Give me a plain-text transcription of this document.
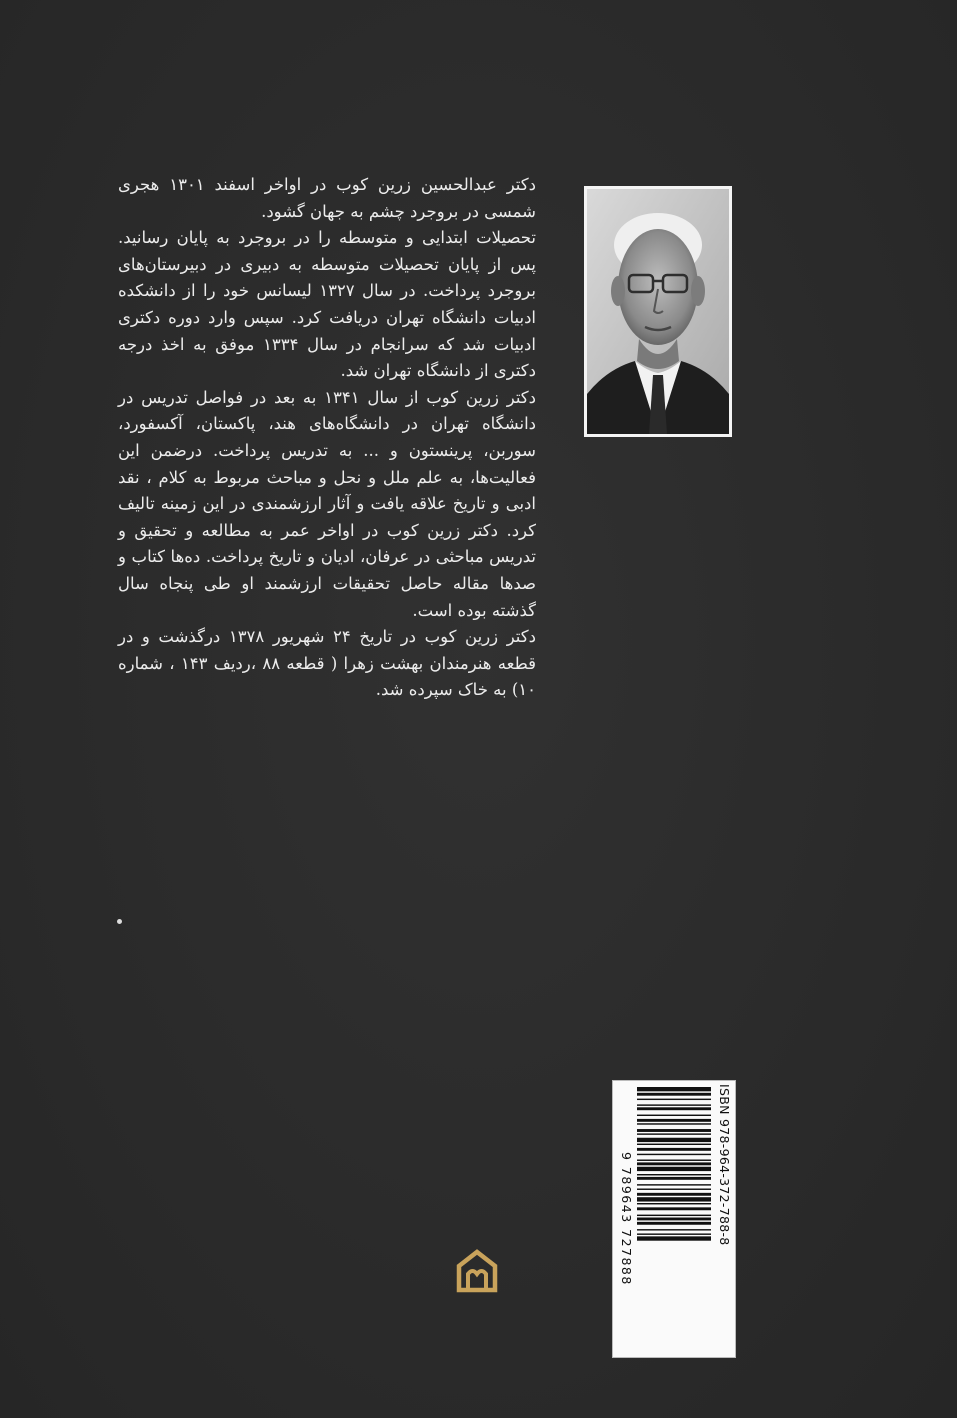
دکتر عبدالحسین زرین کوب در اواخر اسفند ۱۳۰۱ هجری شمسی در بروجرد چشم به جهان گشود.

تحصیلات ابتدایی و متوسطه را در بروجرد به پایان رسانید. پس از پایان تحصیلات متوسطه به دبیری در دبیرستان‌های بروجرد پرداخت. در سال ۱۳۲۷ لیسانس خود را از دانشکده ادبیات دانشگاه تهران دریافت کرد. سپس وارد دوره دکتری ادبیات شد که سرانجام در سال ۱۳۳۴ موفق به اخذ درجه دکتری از دانشگاه تهران شد.

دکتر زرین کوب از سال ۱۳۴۱ به بعد در فواصل تدریس در دانشگاه تهران در دانشگاه‌های هند، پاکستان، آکسفورد، سوربن، پرینستون و ... به تدریس پرداخت. درضمن این فعالیت‌ها، به علم ملل و نحل و مباحث مربوط به کلام ، نقد ادبی و تاریخ علاقه یافت و آثار ارزشمندی در این زمینه تالیف کرد. دکتر زرین کوب در اواخر عمر به مطالعه و تحقیق و تدریس مباحثی در عرفان، ادیان و تاریخ پرداخت. ده‌ها کتاب و صدها مقاله حاصل تحقیقات ارزشمند او طی پنجاه سال گذشته بوده است.

دکتر زرین کوب در تاریخ ۲۴ شهریور ۱۳۷۸ درگذشت و در قطعه هنرمندان بهشت زهرا ( قطعه ۸۸ ،ردیف ۱۴۳ ، شماره ۱۰) به خاک سپرده شد.

ISBN 978-964-372-788-8
9 789643 727888
